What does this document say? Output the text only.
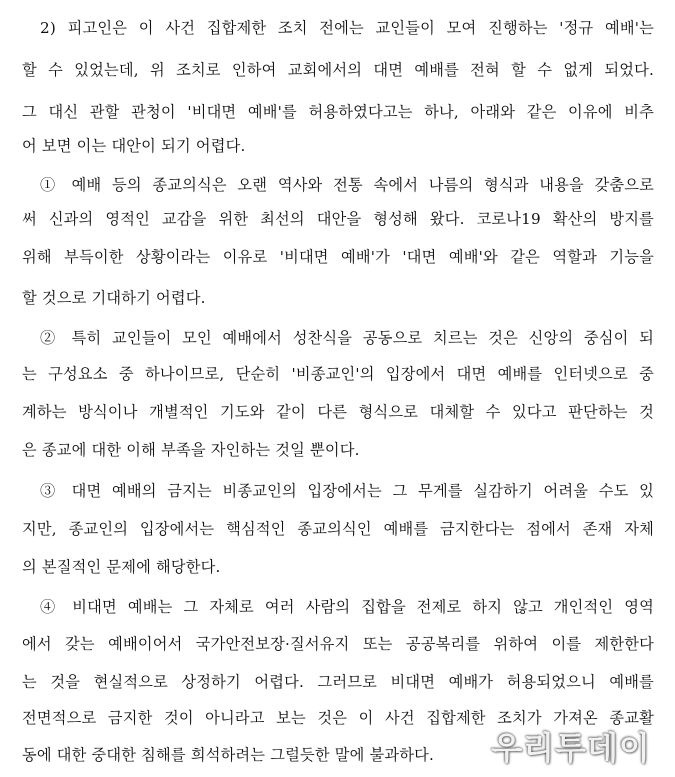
2) 피고인은 이 사건 집합제한 조치 전에는 교인들이 모여 진행하는 '정규 예배'는
할 수 있었는데, 위 조치로 인하여 교회에서의 대면 예배를 전혀 할 수 없게 되었다.
그 대신 관할 관청이 '비대면 예배'를 허용하였다고는 하나, 아래와 같은 이유에 비추
어 보면 이는 대안이 되기 어렵다.
① 예배 등의 종교의식은 오랜 역사와 전통 속에서 나름의 형식과 내용을 갖춤으로
써 신과의 영적인 교감을 위한 최선의 대안을 형성해 왔다. 코로나19 확산의 방지를
위해 부득이한 상황이라는 이유로 '비대면 예배'가 '대면 예배'와 같은 역할과 기능을
할 것으로 기대하기 어렵다.
② 특히 교인들이 모인 예배에서 성찬식을 공동으로 치르는 것은 신앙의 중심이 되
는 구성요소 중 하나이므로, 단순히 '비종교인'의 입장에서 대면 예배를 인터넷으로 중
계하는 방식이나 개별적인 기도와 같이 다른 형식으로 대체할 수 있다고 판단하는 것
은 종교에 대한 이해 부족을 자인하는 것일 뿐이다.
③ 대면 예배의 금지는 비종교인의 입장에서는 그 무게를 실감하기 어려울 수도 있
지만, 종교인의 입장에서는 핵심적인 종교의식인 예배를 금지한다는 점에서 존재 자체
의 본질적인 문제에 해당한다.
④ 비대면 예배는 그 자체로 여러 사람의 집합을 전제로 하지 않고 개인적인 영역
에서 갖는 예배이어서 국가안전보장·질서유지 또는 공공복리를 위하여 이를 제한한다
는 것을 현실적으로 상정하기 어렵다. 그러므로 비대면 예배가 허용되었으니 예배를
전면적으로 금지한 것이 아니라고 보는 것은 이 사건 집합제한 조치가 가져온 종교활
동에 대한 중대한 침해를 희석하려는 그럴듯한 말에 불과하다.	우리투데이
